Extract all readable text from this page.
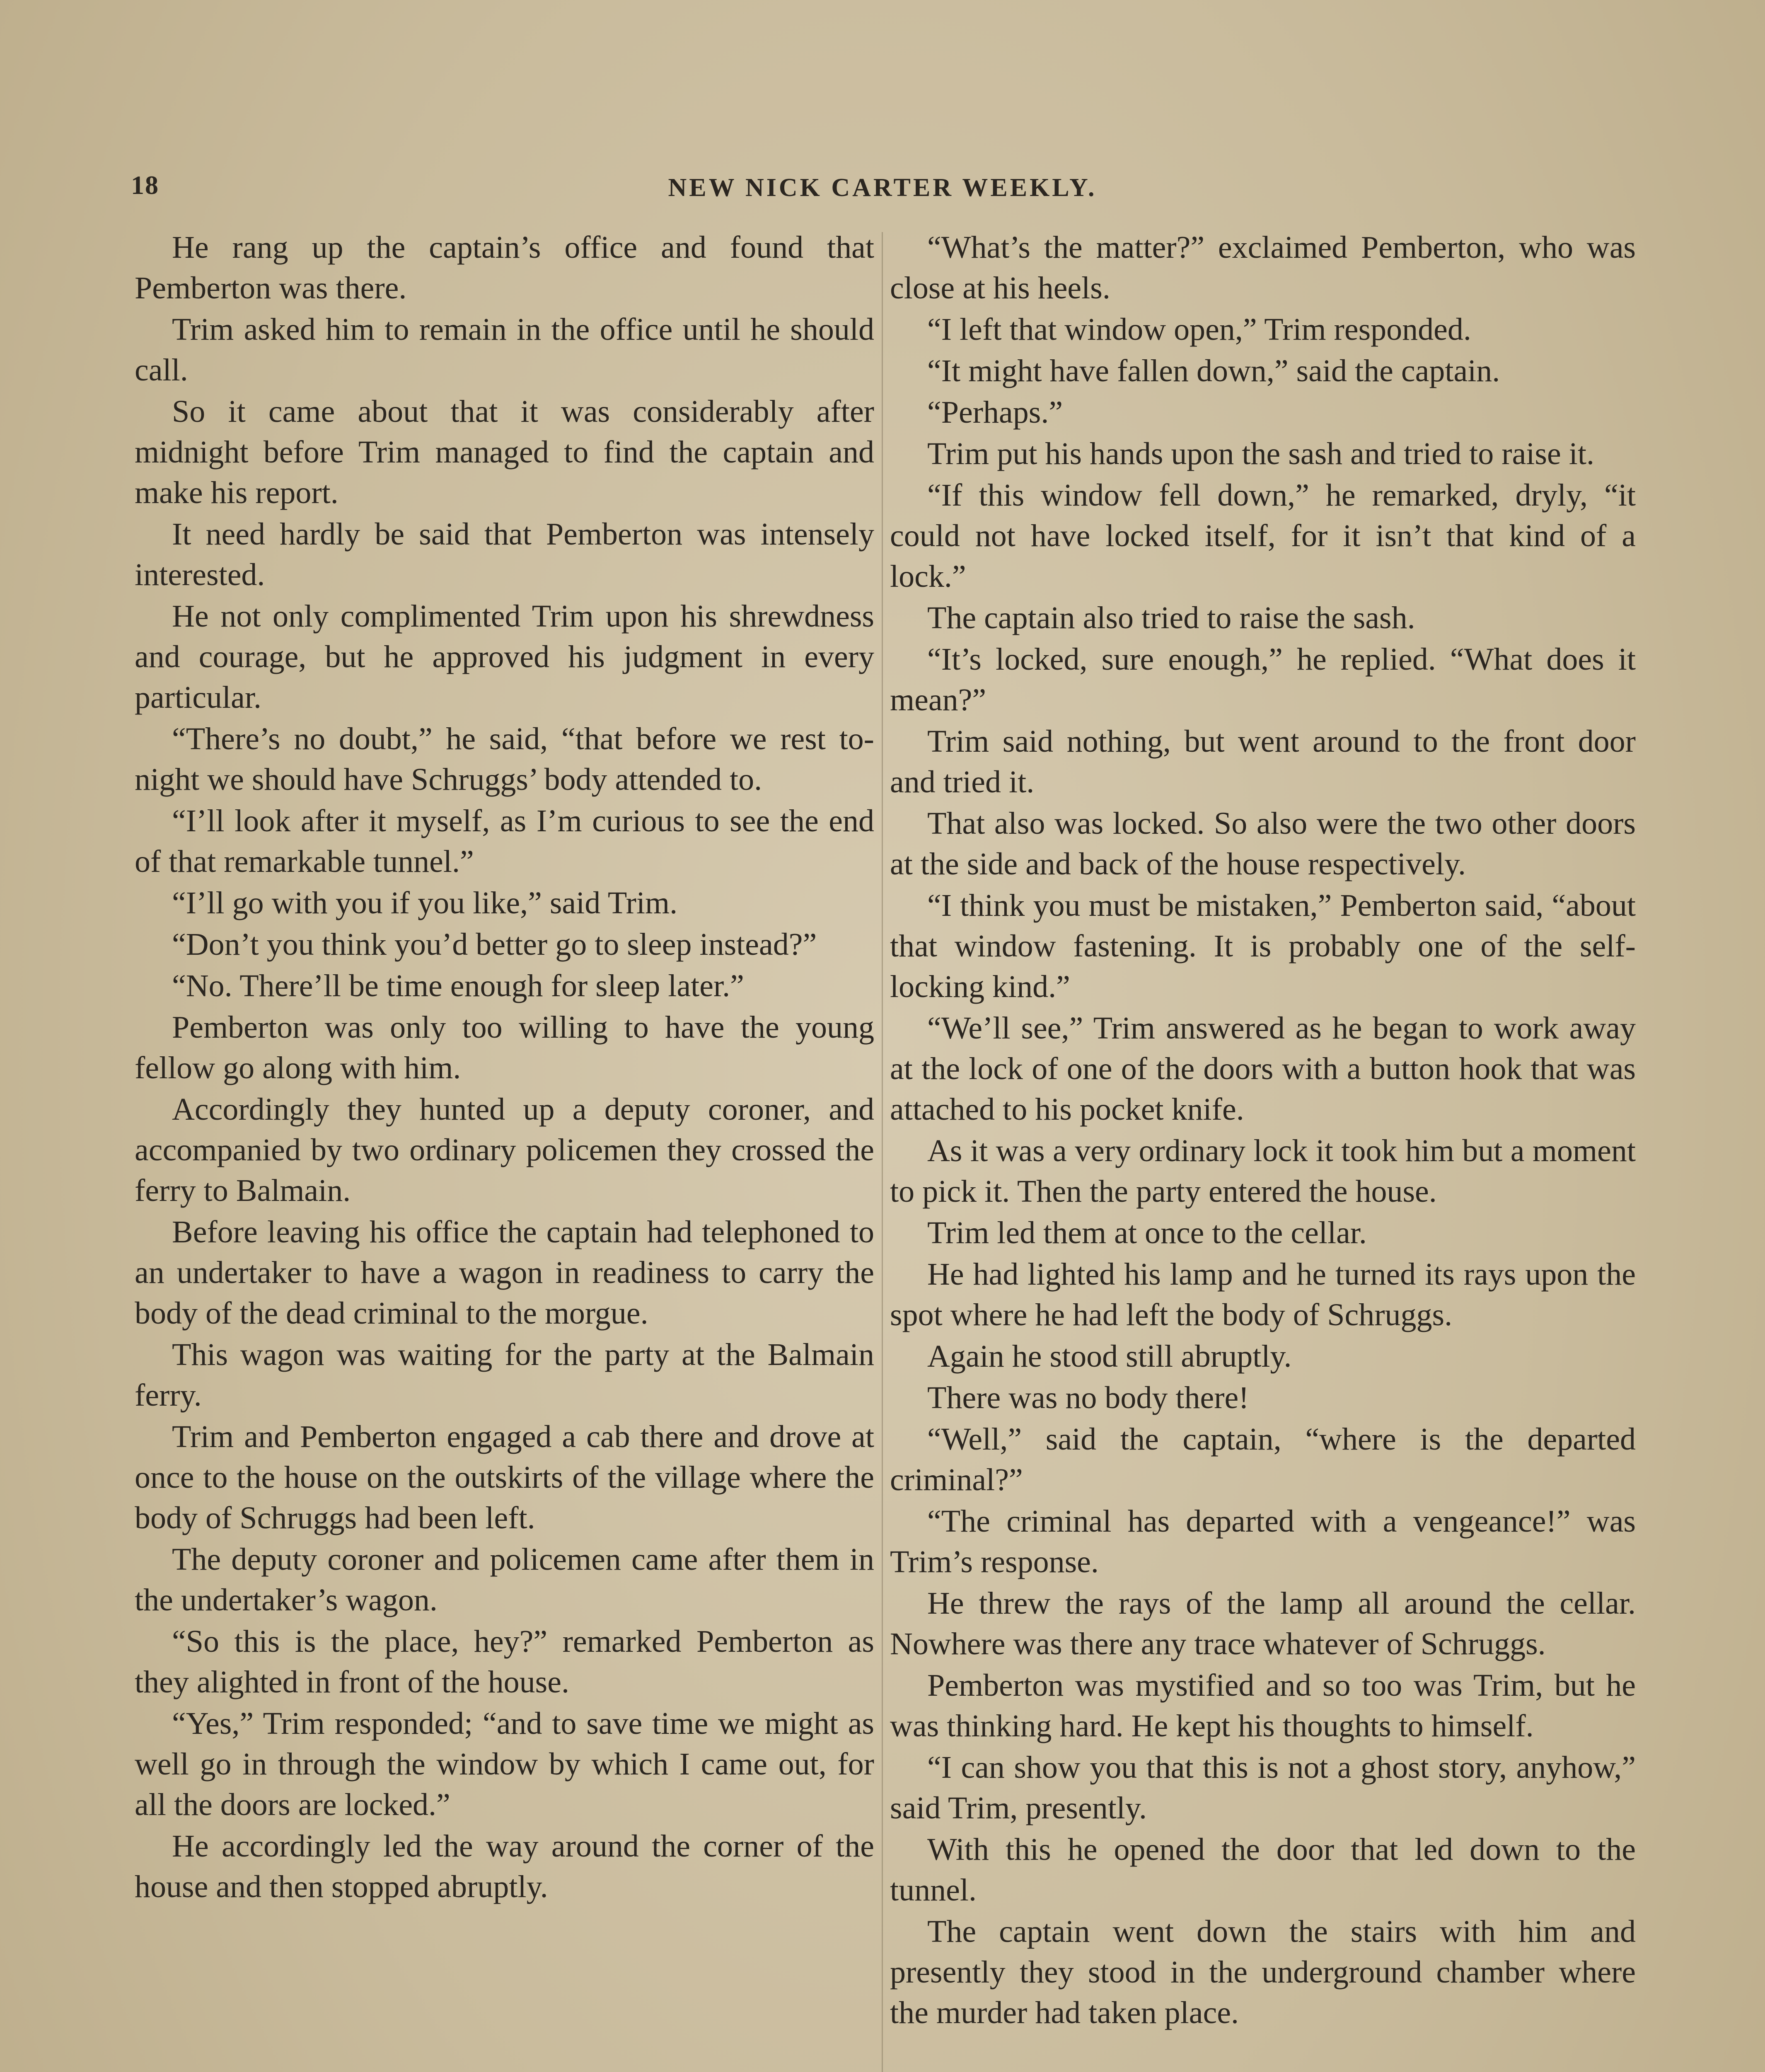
18	NEW NICK CARTER WEEKLY.

He rang up the captain’s office and found that Pemberton was there.

Trim asked him to remain in the office until he should call.

So it came about that it was considerably after midnight before Trim managed to find the captain and make his report.

It need hardly be said that Pemberton was intensely interested.

He not only complimented Trim upon his shrewdness and courage, but he approved his judgment in every particular.

“There’s no doubt,” he said, “that before we rest to-night we should have Schruggs’ body attended to.

“I’ll look after it myself, as I’m curious to see the end of that remarkable tunnel.”

“I’ll go with you if you like,” said Trim.

“Don’t you think you’d better go to sleep instead?”

“No. There’ll be time enough for sleep later.”

Pemberton was only too willing to have the young fellow go along with him.

Accordingly they hunted up a deputy coroner, and accompanied by two ordinary policemen they crossed the ferry to Balmain.

Before leaving his office the captain had telephoned to an undertaker to have a wagon in readiness to carry the body of the dead criminal to the morgue.

This wagon was waiting for the party at the Balmain ferry.

Trim and Pemberton engaged a cab there and drove at once to the house on the outskirts of the village where the body of Schruggs had been left.

The deputy coroner and policemen came after them in the undertaker’s wagon.

“So this is the place, hey?” remarked Pemberton as they alighted in front of the house.

“Yes,” Trim responded; “and to save time we might as well go in through the window by which I came out, for all the doors are locked.”

He accordingly led the way around the corner of the house and then stopped abruptly.

“What’s the matter?” exclaimed Pemberton, who was close at his heels.

“I left that window open,” Trim responded.

“It might have fallen down,” said the captain.

“Perhaps.”

Trim put his hands upon the sash and tried to raise it.

“If this window fell down,” he remarked, dryly, “it could not have locked itself, for it isn’t that kind of a lock.”

The captain also tried to raise the sash.

“It’s locked, sure enough,” he replied. “What does it mean?”

Trim said nothing, but went around to the front door and tried it.

That also was locked. So also were the two other doors at the side and back of the house respectively.

“I think you must be mistaken,” Pemberton said, “about that window fastening. It is probably one of the self-locking kind.”

“We’ll see,” Trim answered as he began to work away at the lock of one of the doors with a button hook that was attached to his pocket knife.

As it was a very ordinary lock it took him but a moment to pick it. Then the party entered the house.

Trim led them at once to the cellar.

He had lighted his lamp and he turned its rays upon the spot where he had left the body of Schruggs.

Again he stood still abruptly.

There was no body there!

“Well,” said the captain, “where is the departed criminal?”

“The criminal has departed with a vengeance!” was Trim’s response.

He threw the rays of the lamp all around the cellar. Nowhere was there any trace whatever of Schruggs.

Pemberton was mystified and so too was Trim, but he was thinking hard. He kept his thoughts to himself.

“I can show you that this is not a ghost story, anyhow,” said Trim, presently.

With this he opened the door that led down to the tunnel.

The captain went down the stairs with him and presently they stood in the underground chamber where the murder had taken place.
